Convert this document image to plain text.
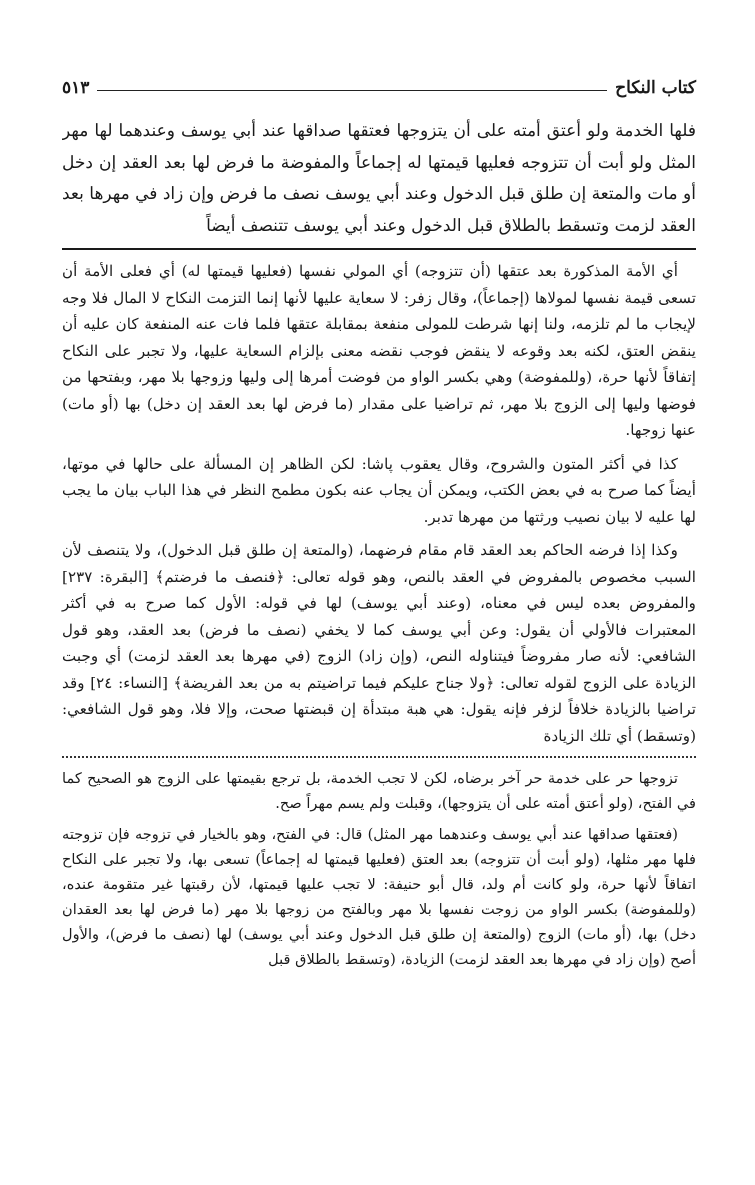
كتاب النكاح
٥١٣
فلها الخدمة ولو أعتق أمته على أن يتزوجها فعتقها صداقها عند أبي يوسف وعندهما لها مهر المثل ولو أبت أن تتزوجه فعليها قيمتها له إجماعاً والمفوضة ما فرض لها بعد العقد إن دخل أو مات والمتعة إن طلق قبل الدخول وعند أبي يوسف نصف ما فرض وإن زاد في مهرها بعد العقد لزمت وتسقط بالطلاق قبل الدخول وعند أبي يوسف تتنصف أيضاً

أي الأمة المذكورة بعد عتقها (أن تتزوجه) أي المولي نفسها (فعليها قيمتها له) أي فعلى الأمة أن تسعى قيمة نفسها لمولاها (إجماعاً)، وقال زفر: لا سعاية عليها لأنها إنما التزمت النكاح لا المال فلا وجه لإيجاب ما لم تلزمه، ولنا إنها شرطت للمولى منفعة بمقابلة عتقها فلما فات عنه المنفعة كان عليه أن ينقض العتق، لكنه بعد وقوعه لا ينقض فوجب نقضه معنى بإلزام السعاية عليها، ولا تجبر على النكاح إتفاقاً لأنها حرة، (وللمفوضة) وهي بكسر الواو من فوضت أمرها إلى وليها وزوجها بلا مهر، وبفتحها من فوضها وليها إلى الزوج بلا مهر، ثم تراضيا على مقدار (ما فرض لها بعد العقد إن دخل) بها (أو مات) عنها زوجها.

كذا في أكثر المتون والشروح، وقال يعقوب پاشا: لكن الظاهر إن المسألة على حالها في موتها، أيضاً كما صرح به في بعض الكتب، ويمكن أن يجاب عنه بكون مطمح النظر في هذا الباب بيان ما يجب لها عليه لا بيان نصيب ورثتها من مهرها تدبر.

وكذا إذا فرضه الحاكم بعد العقد قام مقام فرضهما، (والمتعة إن طلق قبل الدخول)، ولا يتنصف لأن السبب مخصوص بالمفروض في العقد بالنص، وهو قوله تعالى: ﴿فنصف ما فرضتم﴾ [البقرة: ٢٣٧] والمفروض بعده ليس في معناه، (وعند أبي يوسف) لها في قوله: الأول كما صرح به في أكثر المعتبرات فالأولي أن يقول: وعن أبي يوسف كما لا يخفي (نصف ما فرض) بعد العقد، وهو قول الشافعي: لأنه صار مفروضاً فيتناوله النص، (وإن زاد) الزوج (في مهرها بعد العقد لزمت) أي وجبت الزيادة على الزوج لقوله تعالى: ﴿ولا جناح عليكم فيما تراضيتم به من بعد الفريضة﴾ [النساء: ٢٤] وقد تراضيا بالزيادة خلافاً لزفر فإنه يقول: هي هبة مبتدأة إن قبضتها صحت، وإلا فلا، وهو قول الشافعي: (وتسقط) أي تلك الزيادة

تزوجها حر على خدمة حر آخر برضاه، لكن لا تجب الخدمة، بل ترجع بقيمتها على الزوج هو الصحيح كما في الفتح، (ولو أعتق أمته على أن يتزوجها)، وقبلت ولم يسم مهراً صح.

(فعتقها صداقها عند أبي يوسف وعندهما مهر المثل) قال: في الفتح، وهو بالخيار في تزوجه فإن تزوجته فلها مهر مثلها، (ولو أبت أن تتزوجه) بعد العتق (فعليها قيمتها له إجماعاً) تسعى بها، ولا تجبر على النكاح اتفاقاً لأنها حرة، ولو كانت أم ولد، قال أبو حنيفة: لا تجب عليها قيمتها، لأن رقبتها غير متقومة عنده، (وللمفوضة) بكسر الواو من زوجت نفسها بلا مهر وبالفتح من زوجها بلا مهر (ما فرض لها بعد العقدان دخل) بها، (أو مات) الزوج (والمتعة إن طلق قبل الدخول وعند أبي يوسف) لها (نصف ما فرض)، والأول أصح (وإن زاد في مهرها بعد العقد لزمت) الزيادة، (وتسقط بالطلاق قبل
